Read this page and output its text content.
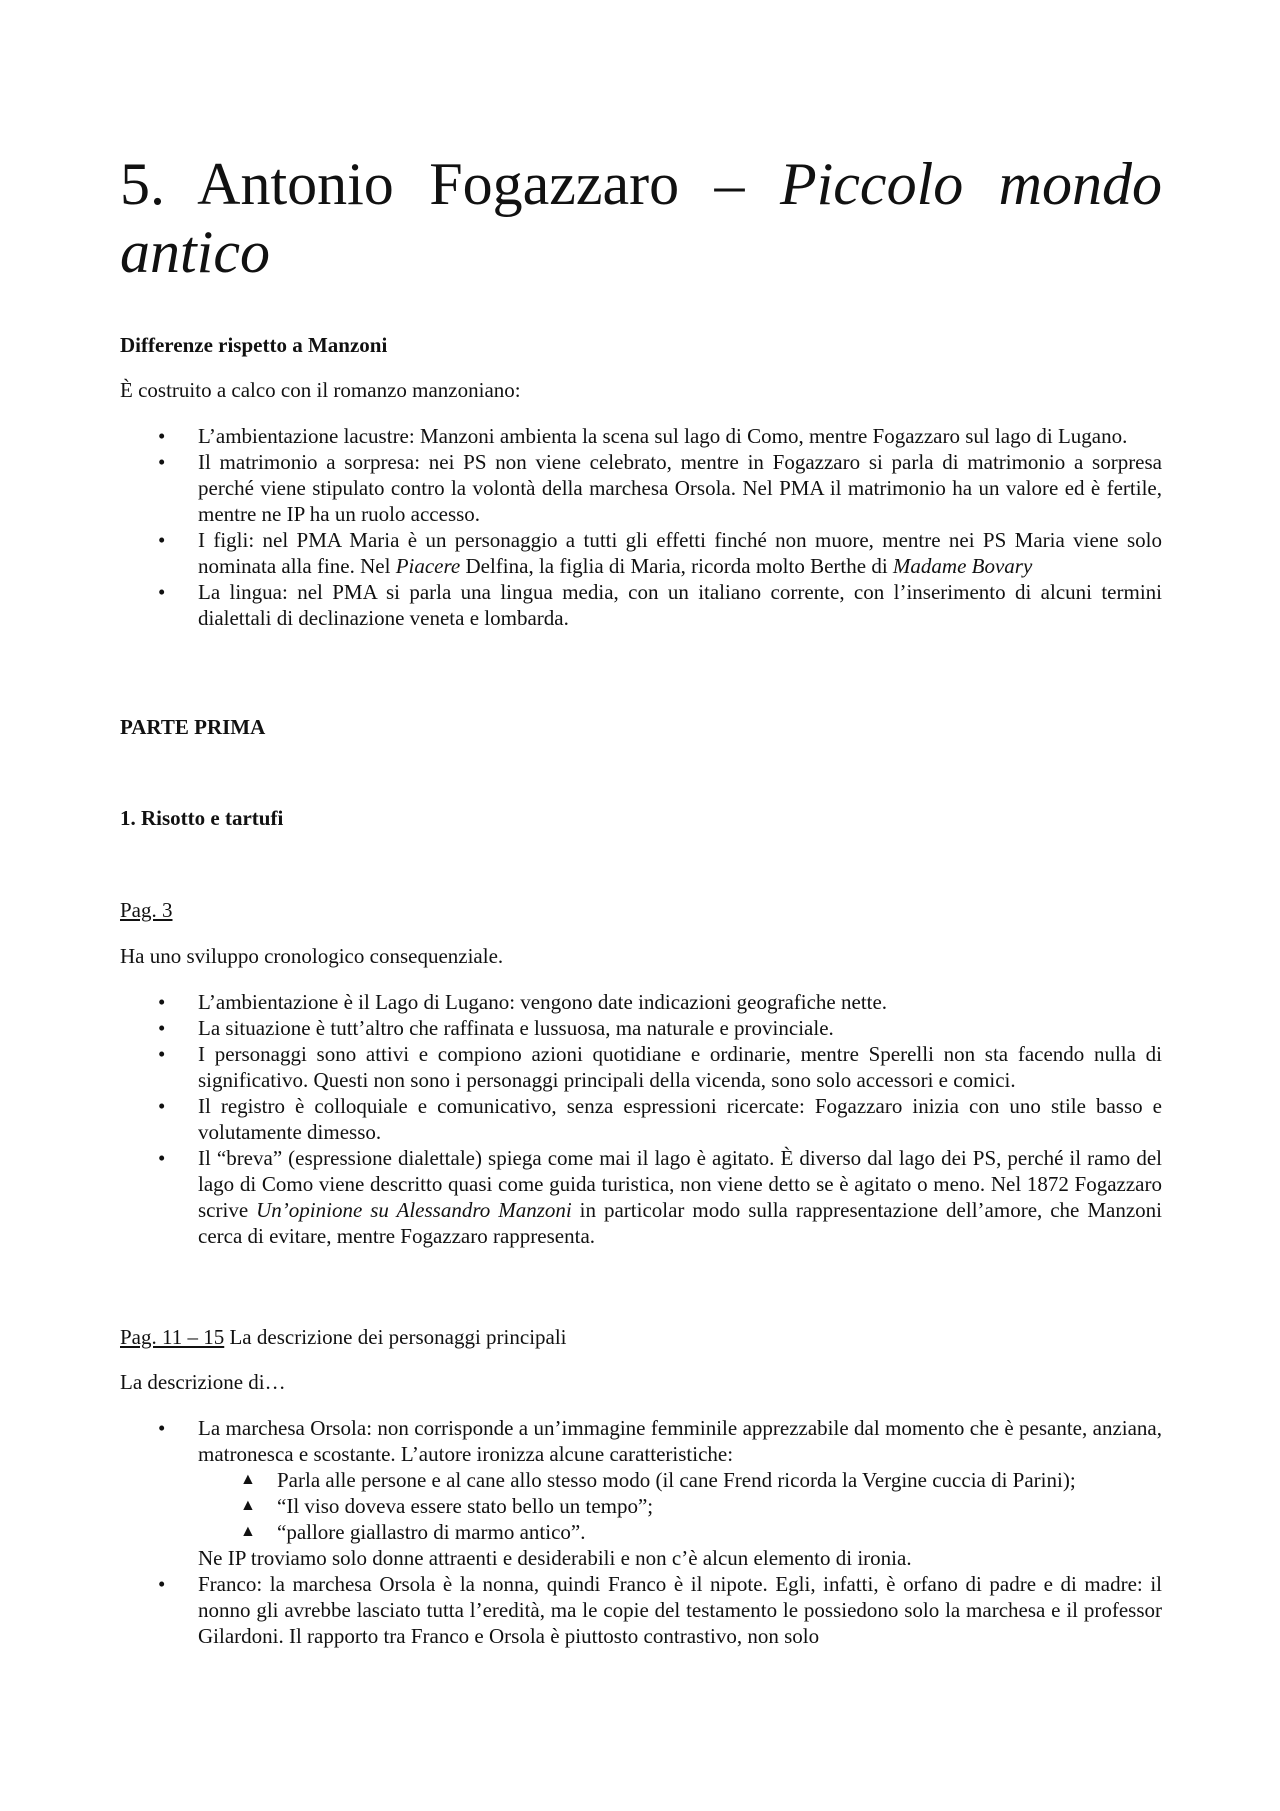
5. Antonio Fogazzaro – Piccolo mondo antico

Differenze rispetto a Manzoni

È costruito a calco con il romanzo manzoniano:

• L’ambientazione lacustre: Manzoni ambienta la scena sul lago di Como, mentre Fogazzaro sul lago di Lugano.
• Il matrimonio a sorpresa: nei PS non viene celebrato, mentre in Fogazzaro si parla di matrimonio a sorpresa perché viene stipulato contro la volontà della marchesa Orsola. Nel PMA il matrimonio ha un valore ed è fertile, mentre ne IP ha un ruolo accesso.
• I figli: nel PMA Maria è un personaggio a tutti gli effetti finché non muore, mentre nei PS Maria viene solo nominata alla fine. Nel Piacere Delfina, la figlia di Maria, ricorda molto Berthe di Madame Bovary
• La lingua: nel PMA si parla una lingua media, con un italiano corrente, con l’inserimento di alcuni termini dialettali di declinazione veneta e lombarda.

PARTE PRIMA

1. Risotto e tartufi

Pag. 3

Ha uno sviluppo cronologico consequenziale.

• L’ambientazione è il Lago di Lugano: vengono date indicazioni geografiche nette.
• La situazione è tutt’altro che raffinata e lussuosa, ma naturale e provinciale.
• I personaggi sono attivi e compiono azioni quotidiane e ordinarie, mentre Sperelli non sta facendo nulla di significativo. Questi non sono i personaggi principali della vicenda, sono solo accessori e comici.
• Il registro è colloquiale e comunicativo, senza espressioni ricercate: Fogazzaro inizia con uno stile basso e volutamente dimesso.
• Il “breva” (espressione dialettale) spiega come mai il lago è agitato. È diverso dal lago dei PS, perché il ramo del lago di Como viene descritto quasi come guida turistica, non viene detto se è agitato o meno. Nel 1872 Fogazzaro scrive Un’opinione su Alessandro Manzoni in particolar modo sulla rappresentazione dell’amore, che Manzoni cerca di evitare, mentre Fogazzaro rappresenta.

Pag. 11 – 15 La descrizione dei personaggi principali

La descrizione di…

• La marchesa Orsola: non corrisponde a un’immagine femminile apprezzabile dal momento che è pesante, anziana, matronesca e scostante. L’autore ironizza alcune caratteristiche:
▲ Parla alle persone e al cane allo stesso modo (il cane Frend ricorda la Vergine cuccia di Parini);
▲ “Il viso doveva essere stato bello un tempo”;
▲ “pallore giallastro di marmo antico”.

Ne IP troviamo solo donne attraenti e desiderabili e non c’è alcun elemento di ironia.

• Franco: la marchesa Orsola è la nonna, quindi Franco è il nipote. Egli, infatti, è orfano di padre e di madre: il nonno gli avrebbe lasciato tutta l’eredità, ma le copie del testamento le possiedono solo la marchesa e il professor Gilardoni. Il rapporto tra Franco e Orsola è piuttosto contrastivo, non solo
